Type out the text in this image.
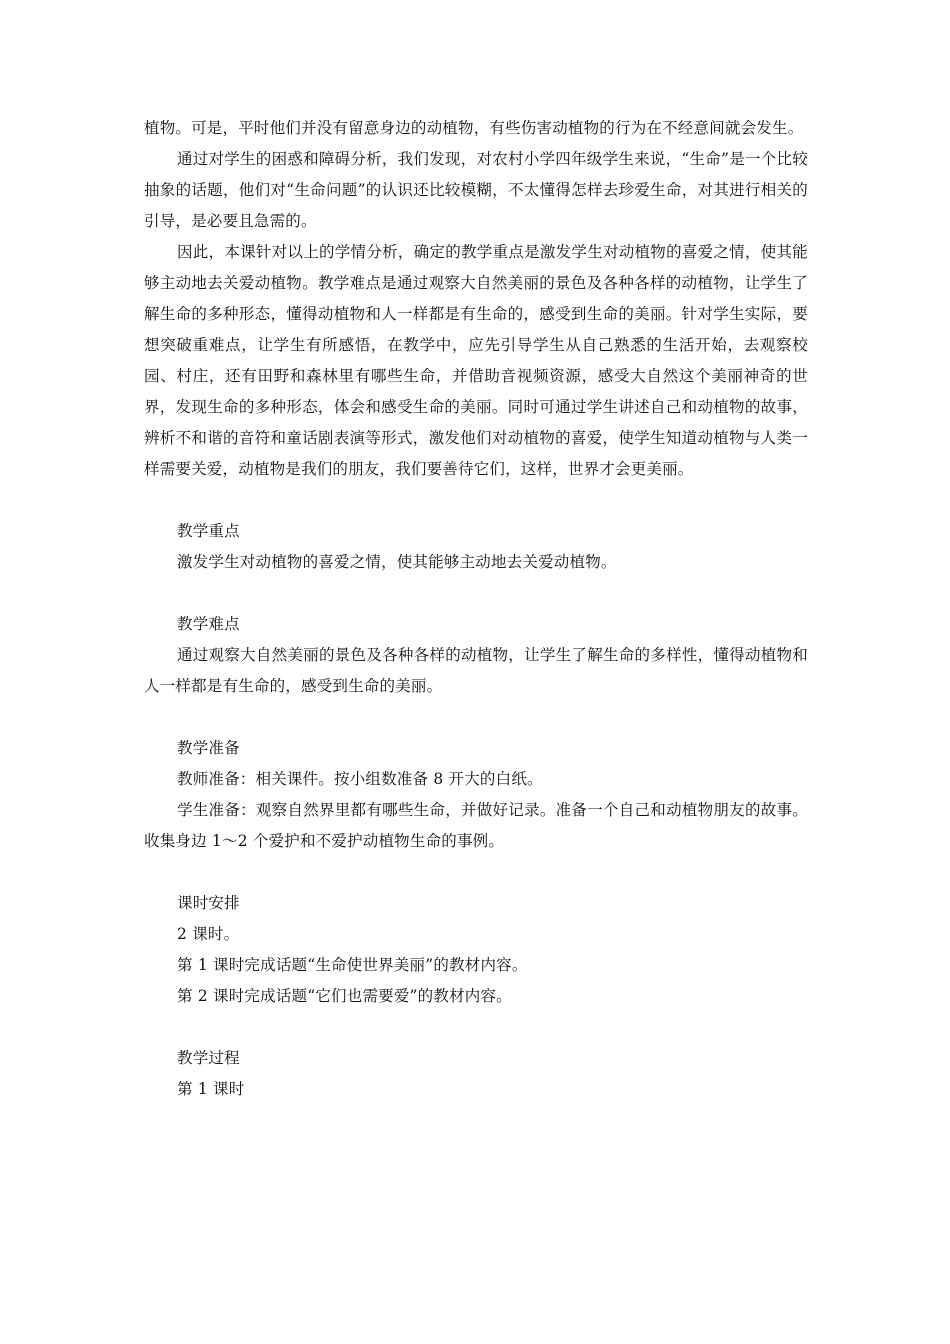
植物。可是，平时他们并没有留意身边的动植物，有些伤害动植物的行为在不经意间就会发生。

通过对学生的困惑和障碍分析，我们发现，对农村小学四年级学生来说，“生命”是一个比较抽象的话题，他们对“生命问题”的认识还比较模糊，不太懂得怎样去珍爱生命，对其进行相关的引导，是必要且急需的。

因此，本课针对以上的学情分析，确定的教学重点是激发学生对动植物的喜爱之情，使其能够主动地去关爱动植物。教学难点是通过观察大自然美丽的景色及各种各样的动植物，让学生了解生命的多种形态，懂得动植物和人一样都是有生命的，感受到生命的美丽。针对学生实际，要想突破重难点，让学生有所感悟，在教学中，应先引导学生从自己熟悉的生活开始，去观察校园、村庄，还有田野和森林里有哪些生命，并借助音视频资源，感受大自然这个美丽神奇的世界，发现生命的多种形态，体会和感受生命的美丽。同时可通过学生讲述自己和动植物的故事，辨析不和谐的音符和童话剧表演等形式，激发他们对动植物的喜爱，使学生知道动植物与人类一样需要关爱，动植物是我们的朋友，我们要善待它们，这样，世界才会更美丽。

教学重点

激发学生对动植物的喜爱之情，使其能够主动地去关爱动植物。

教学难点

通过观察大自然美丽的景色及各种各样的动植物，让学生了解生命的多样性，懂得动植物和人一样都是有生命的，感受到生命的美丽。

教学准备

教师准备：相关课件。按小组数准备 8 开大的白纸。

学生准备：观察自然界里都有哪些生命，并做好记录。准备一个自己和动植物朋友的故事。收集身边 1～2 个爱护和不爱护动植物生命的事例。

课时安排

2 课时。

第 1 课时完成话题“生命使世界美丽”的教材内容。

第 2 课时完成话题“它们也需要爱”的教材内容。

教学过程

第 1 课时
